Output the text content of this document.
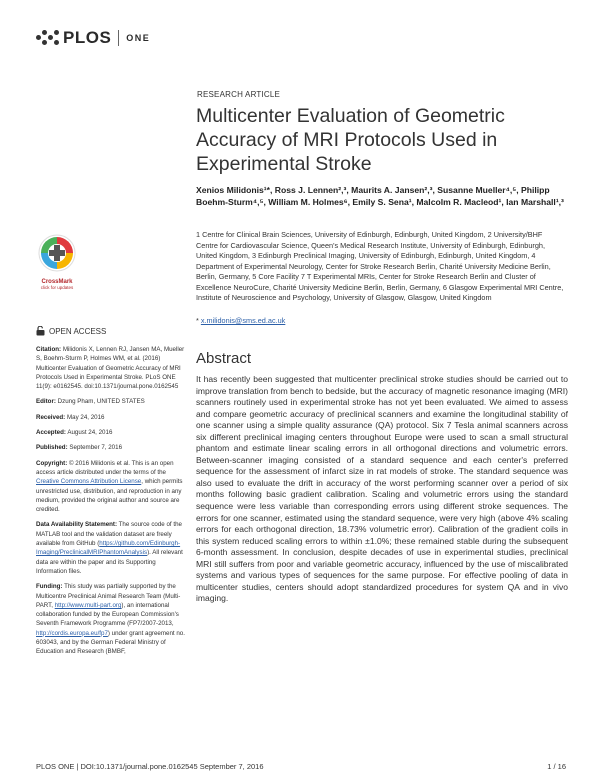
PLOS ONE
RESEARCH ARTICLE
Multicenter Evaluation of Geometric Accuracy of MRI Protocols Used in Experimental Stroke
Xenios Milidonis¹*, Ross J. Lennen²,³, Maurits A. Jansen²,³, Susanne Mueller⁴,⁵, Philipp Boehm-Sturm⁴,⁵, William M. Holmes⁶, Emily S. Sena¹, Malcolm R. Macleod¹, Ian Marshall¹,³
1 Centre for Clinical Brain Sciences, University of Edinburgh, Edinburgh, United Kingdom, 2 University/BHF Centre for Cardiovascular Science, Queen's Medical Research Institute, University of Edinburgh, Edinburgh, United Kingdom, 3 Edinburgh Preclinical Imaging, University of Edinburgh, Edinburgh, United Kingdom, 4 Department of Experimental Neurology, Center for Stroke Research Berlin, Charité University Medicine Berlin, Berlin, Germany, 5 Core Facility 7 T Experimental MRIs, Center for Stroke Research Berlin and Cluster of Excellence NeuroCure, Charité University Medicine Berlin, Berlin, Germany, 6 Glasgow Experimental MRI Centre, Institute of Neuroscience and Psychology, University of Glasgow, Glasgow, United Kingdom
* x.milidonis@sms.ed.ac.uk
Abstract
It has recently been suggested that multicenter preclinical stroke studies should be carried out to improve translation from bench to bedside, but the accuracy of magnetic resonance imaging (MRI) scanners routinely used in experimental stroke has not yet been evaluated. We aimed to assess and compare geometric accuracy of preclinical scanners and examine the longitudinal stability of one scanner using a simple quality assurance (QA) protocol. Six 7 Tesla animal scanners across six different preclinical imaging centers throughout Europe were used to scan a small structural phantom and estimate linear scaling errors in all orthogonal directions and volumetric errors. Between-scanner imaging consisted of a standard sequence and each center's preferred sequence for the assessment of infarct size in rat models of stroke. The standard sequence was also used to evaluate the drift in accuracy of the worst performing scanner over a period of six months following basic gradient calibration. Scaling and volumetric errors using the standard sequence were less variable than corresponding errors using different stroke sequences. The errors for one scanner, estimated using the standard sequence, were very high (above 4% scaling errors for each orthogonal direction, 18.73% volumetric error). Calibration of the gradient coils in this system reduced scaling errors to within ±1.0%; these remained stable during the subsequent 6-month assessment. In conclusion, despite decades of use in experimental studies, preclinical MRI still suffers from poor and variable geometric accuracy, influenced by the use of miscalibrated systems and various types of sequences for the same purpose. For effective pooling of data in multicenter studies, centers should adopt standardized procedures for system QA and in vivo imaging.
CrossMark
click for updates
OPEN ACCESS

Citation: Milidonis X, Lennen RJ, Jansen MA, Mueller S, Boehm-Sturm P, Holmes WM, et al. (2016) Multicenter Evaluation of Geometric Accuracy of MRI Protocols Used in Experimental Stroke. PLoS ONE 11(9): e0162545. doi:10.1371/journal.pone.0162545

Editor: Dzung Pham, UNITED STATES

Received: May 24, 2016

Accepted: August 24, 2016

Published: September 7, 2016

Copyright: © 2016 Milidonis et al. This is an open access article distributed under the terms of the Creative Commons Attribution License, which permits unrestricted use, distribution, and reproduction in any medium, provided the original author and source are credited.

Data Availability Statement: The source code of the MATLAB tool and the validation dataset are freely available from GitHub (https://github.com/Edinburgh-Imaging/PreclinicalMRIPhantomAnalysis). All relevant data are within the paper and its Supporting Information files.

Funding: This study was partially supported by the Multicentre Preclinical Animal Research Team (Multi-PART, http://www.multi-part.org), an international collaboration funded by the European Commission's Seventh Framework Programme (FP7/2007-2013, http://cordis.europa.eu/fp7) under grant agreement no. 603043, and by the German Federal Ministry of Education and Research (BMBF,

PLOS ONE | DOI:10.1371/journal.pone.0162545 September 7, 2016	1 / 16
